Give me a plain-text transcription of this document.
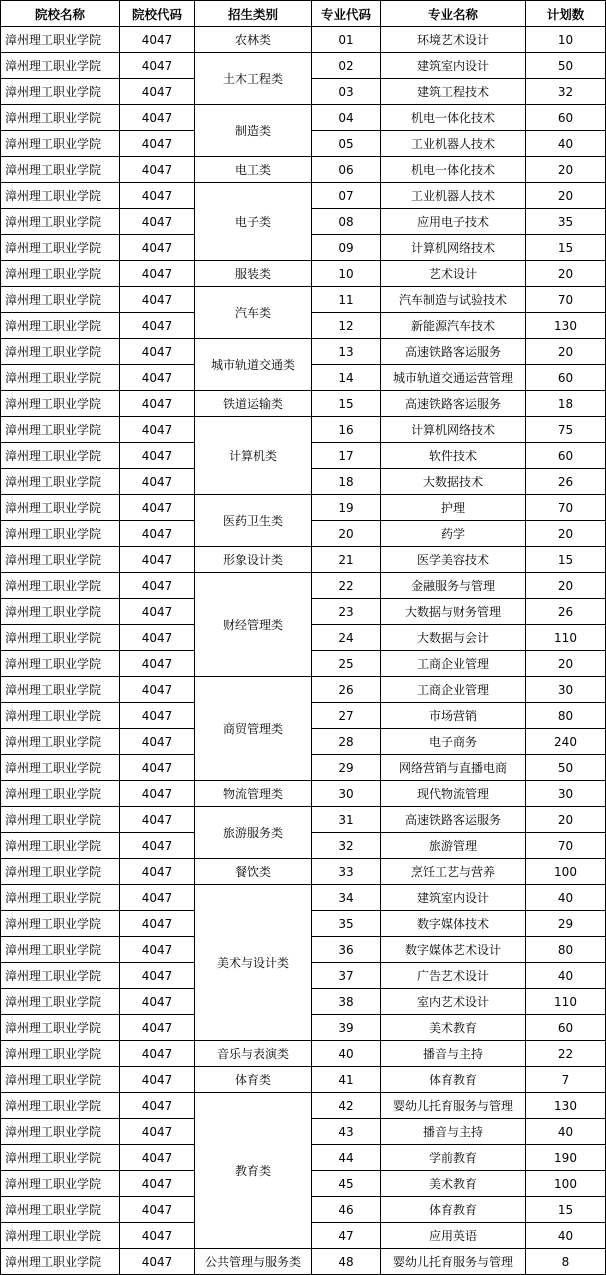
院校名称	院校代码	招生类别	专业代码	专业名称	计划数
漳州理工职业学院	4047	农林类	01	环境艺术设计	10
漳州理工职业学院	4047	土木工程类	02	建筑室内设计	50
漳州理工职业学院	4047		03	建筑工程技术	32
漳州理工职业学院	4047	制造类	04	机电一体化技术	60
漳州理工职业学院	4047		05	工业机器人技术	40
漳州理工职业学院	4047	电工类	06	机电一体化技术	20
漳州理工职业学院	4047	电子类	07	工业机器人技术	20
漳州理工职业学院	4047		08	应用电子技术	35
漳州理工职业学院	4047		09	计算机网络技术	15
漳州理工职业学院	4047	服装类	10	艺术设计	20
漳州理工职业学院	4047	汽车类	11	汽车制造与试验技术	70
漳州理工职业学院	4047		12	新能源汽车技术	130
漳州理工职业学院	4047	城市轨道交通类	13	高速铁路客运服务	20
漳州理工职业学院	4047		14	城市轨道交通运营管理	60
漳州理工职业学院	4047	铁道运输类	15	高速铁路客运服务	18
漳州理工职业学院	4047	计算机类	16	计算机网络技术	75
漳州理工职业学院	4047		17	软件技术	60
漳州理工职业学院	4047		18	大数据技术	26
漳州理工职业学院	4047	医药卫生类	19	护理	70
漳州理工职业学院	4047		20	药学	20
漳州理工职业学院	4047	形象设计类	21	医学美容技术	15
漳州理工职业学院	4047	财经管理类	22	金融服务与管理	20
漳州理工职业学院	4047		23	大数据与财务管理	26
漳州理工职业学院	4047		24	大数据与会计	110
漳州理工职业学院	4047		25	工商企业管理	20
漳州理工职业学院	4047	商贸管理类	26	工商企业管理	30
漳州理工职业学院	4047		27	市场营销	80
漳州理工职业学院	4047		28	电子商务	240
漳州理工职业学院	4047		29	网络营销与直播电商	50
漳州理工职业学院	4047	物流管理类	30	现代物流管理	30
漳州理工职业学院	4047	旅游服务类	31	高速铁路客运服务	20
漳州理工职业学院	4047		32	旅游管理	70
漳州理工职业学院	4047	餐饮类	33	烹饪工艺与营养	100
漳州理工职业学院	4047	美术与设计类	34	建筑室内设计	40
漳州理工职业学院	4047		35	数字媒体技术	29
漳州理工职业学院	4047		36	数字媒体艺术设计	80
漳州理工职业学院	4047		37	广告艺术设计	40
漳州理工职业学院	4047		38	室内艺术设计	110
漳州理工职业学院	4047		39	美术教育	60
漳州理工职业学院	4047	音乐与表演类	40	播音与主持	22
漳州理工职业学院	4047	体育类	41	体育教育	7
漳州理工职业学院	4047	教育类	42	婴幼儿托育服务与管理	130
漳州理工职业学院	4047		43	播音与主持	40
漳州理工职业学院	4047		44	学前教育	190
漳州理工职业学院	4047		45	美术教育	100
漳州理工职业学院	4047		46	体育教育	15
漳州理工职业学院	4047		47	应用英语	40
漳州理工职业学院	4047	公共管理与服务类	48	婴幼儿托育服务与管理	8
